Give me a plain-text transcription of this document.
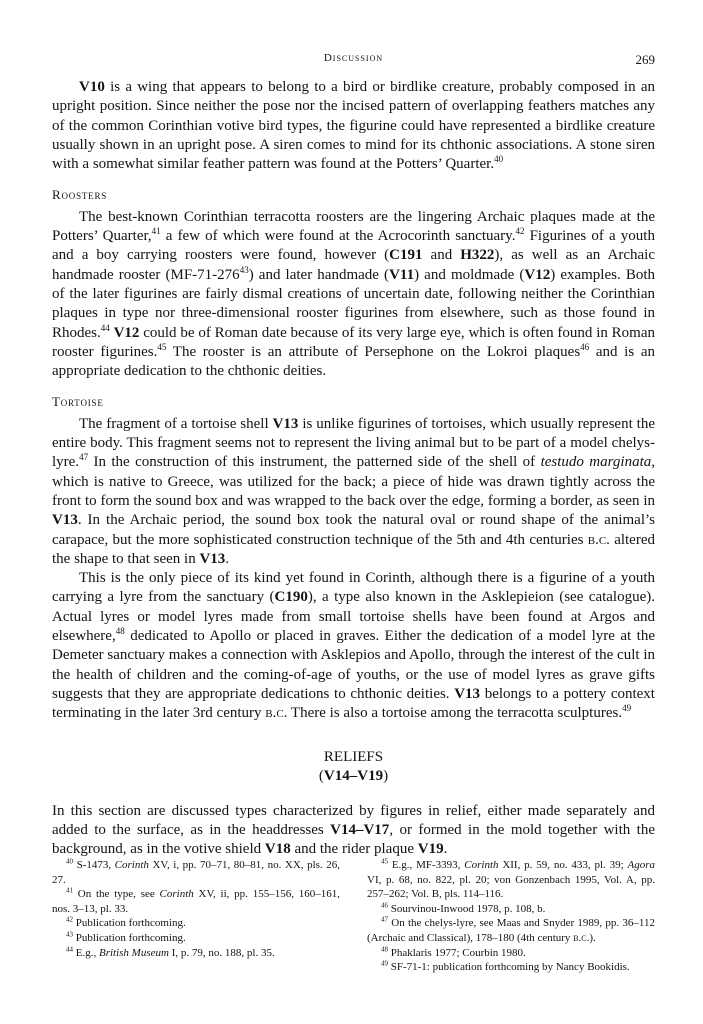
Discussion	269

V10 is a wing that appears to belong to a bird or birdlike creature, probably composed in an upright position. Since neither the pose nor the incised pattern of overlapping feathers matches any of the common Corinthian votive bird types, the figurine could have represented a birdlike creature usually shown in an upright pose. A siren comes to mind for its chthonic associations. A stone siren with a somewhat similar feather pattern was found at the Potters’ Quarter.$^{40}$

Roosters

The best-known Corinthian terracotta roosters are the lingering Archaic plaques made at the Potters’ Quarter,$^{41}$ a few of which were found at the Acrocorinth sanctuary.$^{42}$ Figurines of a youth and a boy carrying roosters were found, however (C191 and H322), as well as an Archaic handmade rooster $(MF-71-276^{43})$ and later handmade (V11) and moldmade (V12) examples. Both of the later figurines are fairly dismal creations of uncertain date, following neither the Corinthian plaques in type nor three-dimensional rooster figurines from elsewhere, such as those found in Rhodes.$^{44}$ V12 could be of Roman date because of its very large eye, which is often found in Roman rooster figurines.$^{45}$ The rooster is an attribute of Persephone on the Lokroi plaques$^{46}$ and is an appropriate dedication to the chthonic deities.

Tortoise

The fragment of a tortoise shell V13 is unlike figurines of tortoises, which usually represent the entire body. This fragment seems not to represent the living animal but to be part of a model chelys-lyre.$^{47}$ In the construction of this instrument, the patterned side of the shell of testudo marginata, which is native to Greece, was utilized for the back; a piece of hide was drawn tightly across the front to form the sound box and was wrapped to the back over the edge, forming a border, as seen in V13. In the Archaic period, the sound box took the natural oval or round shape of the animal’s carapace, but the more sophisticated construction technique of the 5th and 4th centuries b.c. altered the shape to that seen in V13.

This is the only piece of its kind yet found in Corinth, although there is a figurine of a youth carrying a lyre from the sanctuary (C190), a type also known in the Asklepieion (see catalogue). Actual lyres or model lyres made from small tortoise shells have been found at Argos and elsewhere,$^{48}$ dedicated to Apollo or placed in graves. Either the dedication of a model lyre at the Demeter sanctuary makes a connection with Asklepios and Apollo, through the interest of the cult in the health of children and the coming-of-age of youths, or the use of model lyres as grave gifts suggests that they are appropriate dedications to chthonic deities. V13 belongs to a pottery context terminating in the later 3rd century b.c. There is also a tortoise among the terracotta sculptures.$^{49}$

RELIEFS
(V14–V19)

In this section are discussed types characterized by figures in relief, either made separately and added to the surface, as in the headdresses V14–V17, or formed in the mold together with the background, as in the votive shield V18 and the rider plaque V19.

$^{40}$ S-1473, Corinth XV, i, pp. 70–71, 80–81, no. XX, pls. 26, 27.

$^{41}$ On the type, see Corinth XV, ii, pp. 155–156, 160–161, nos. 3–13, pl. 33.

$^{42}$ Publication forthcoming.

$^{43}$ Publication forthcoming.

$^{44}$ E.g., British Museum I, p. 79, no. 188, pl. 35.

$^{45}$ E.g., MF-3393, Corinth XII, p. 59, no. 433, pl. 39; Agora VI, p. 68, no. 822, pl. 20; von Gonzenbach 1995, Vol. A, pp. 257–262; Vol. B, pls. 114–116.

$^{46}$ Sourvinou-Inwood 1978, p. 108, b.

$^{47}$ On the chelys-lyre, see Maas and Snyder 1989, pp. 36–112 (Archaic and Classical), 178–180 (4th century b.c.).

$^{48}$ Phaklaris 1977; Courbin 1980.

$^{49}$ SF-71-1: publication forthcoming by Nancy Bookidis.
